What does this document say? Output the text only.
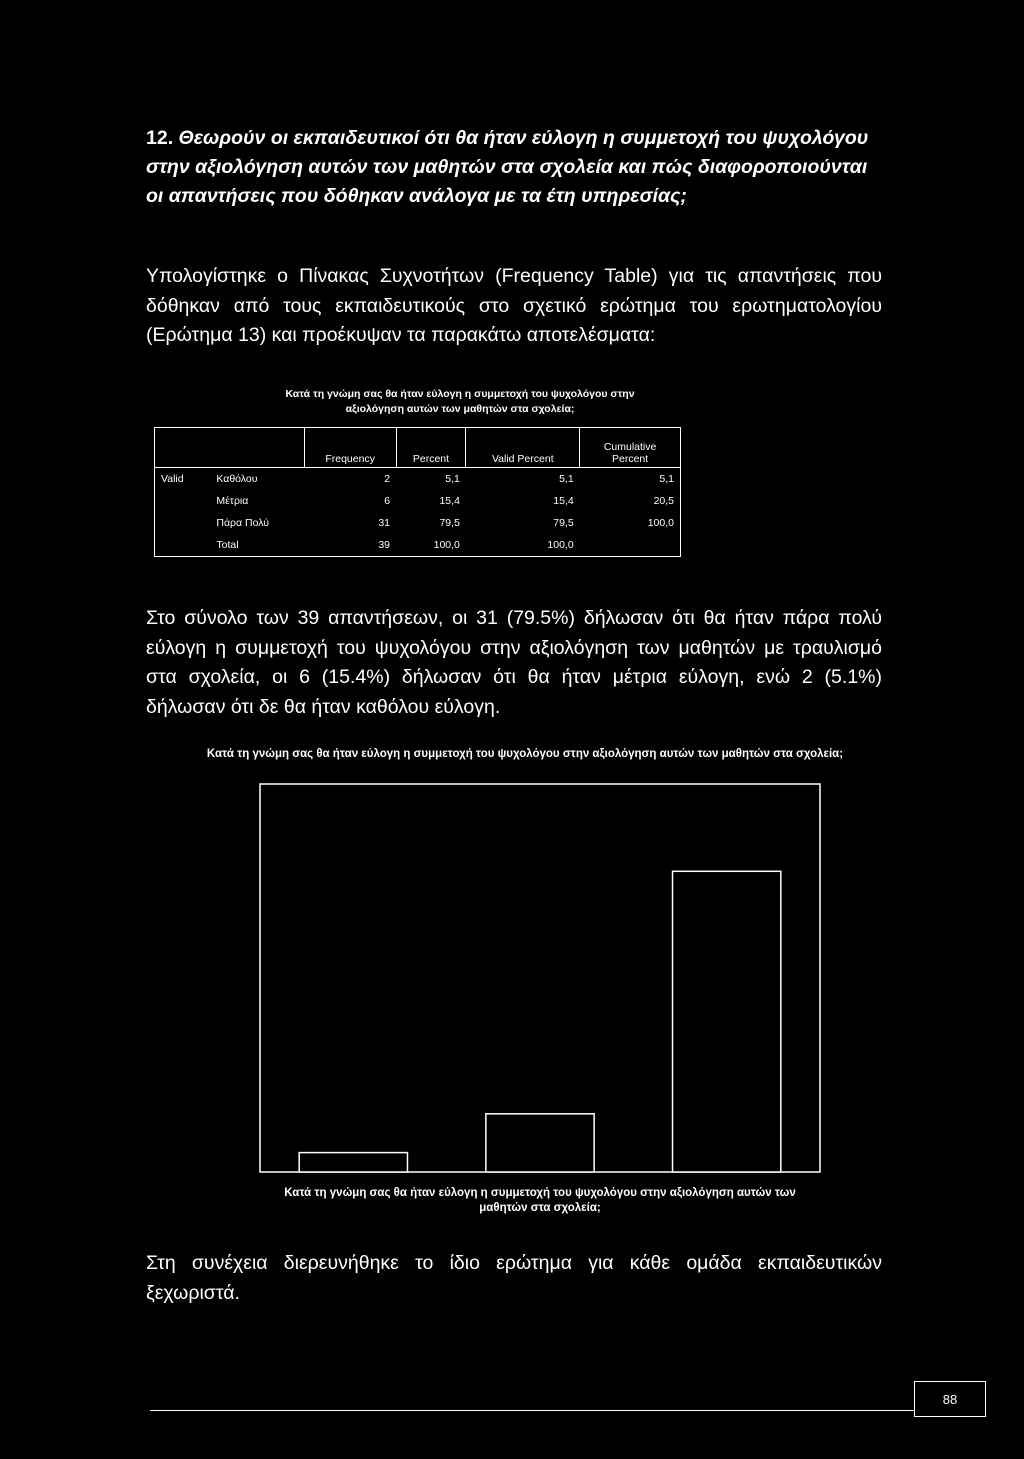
12. Θεωρούν οι εκπαιδευτικοί ότι θα ήταν εύλογη η συμμετοχή του ψυχολόγου στην αξιολόγηση αυτών των μαθητών στα σχολεία και πώς διαφοροποιούνται οι απαντήσεις που δόθηκαν ανάλογα με τα έτη υπηρεσίας;
Υπολογίστηκε ο Πίνακας Συχνοτήτων (Frequency Table) για τις απαντήσεις που δόθηκαν από τους εκπαιδευτικούς στο σχετικό ερώτημα του ερωτηματολογίου (Ερώτημα 13) και προέκυψαν τα παρακάτω αποτελέσματα:
Κατά τη γνώμη σας θα ήταν εύλογη η συμμετοχή του ψυχολόγου στην
αξιολόγηση αυτών των μαθητών στα σχολεία;
		Frequency	Percent	Valid Percent	Cumulative
Percent

Valid	Καθόλου	2	5,1	5,1	5,1
	Μέτρια	6	15,4	15,4	20,5
	Πάρα Πολύ	31	79,5	79,5	100,0
	Total	39	100,0	100,0	
Στο σύνολο των 39 απαντήσεων, οι 31 (79.5%) δήλωσαν ότι θα ήταν πάρα πολύ εύλογη η συμμετοχή του ψυχολόγου στην αξιολόγηση των μαθητών με τραυλισμό στα σχολεία, οι 6 (15.4%) δήλωσαν ότι θα ήταν μέτρια εύλογη, ενώ 2 (5.1%) δήλωσαν ότι δε θα ήταν καθόλου εύλογη.
Κατά τη γνώμη σας θα ήταν εύλογη η συμμετοχή του ψυχολόγου στην αξιολόγηση αυτών των μαθητών στα σχολεία;
Κατά τη γνώμη σας θα ήταν εύλογη η συμμετοχή του ψυχολόγου στην αξιολόγηση αυτών των μαθητών στα σχολεία;
Στη συνέχεια διερευνήθηκε το ίδιο ερώτημα για κάθε ομάδα εκπαιδευτικών ξεχωριστά.
88
